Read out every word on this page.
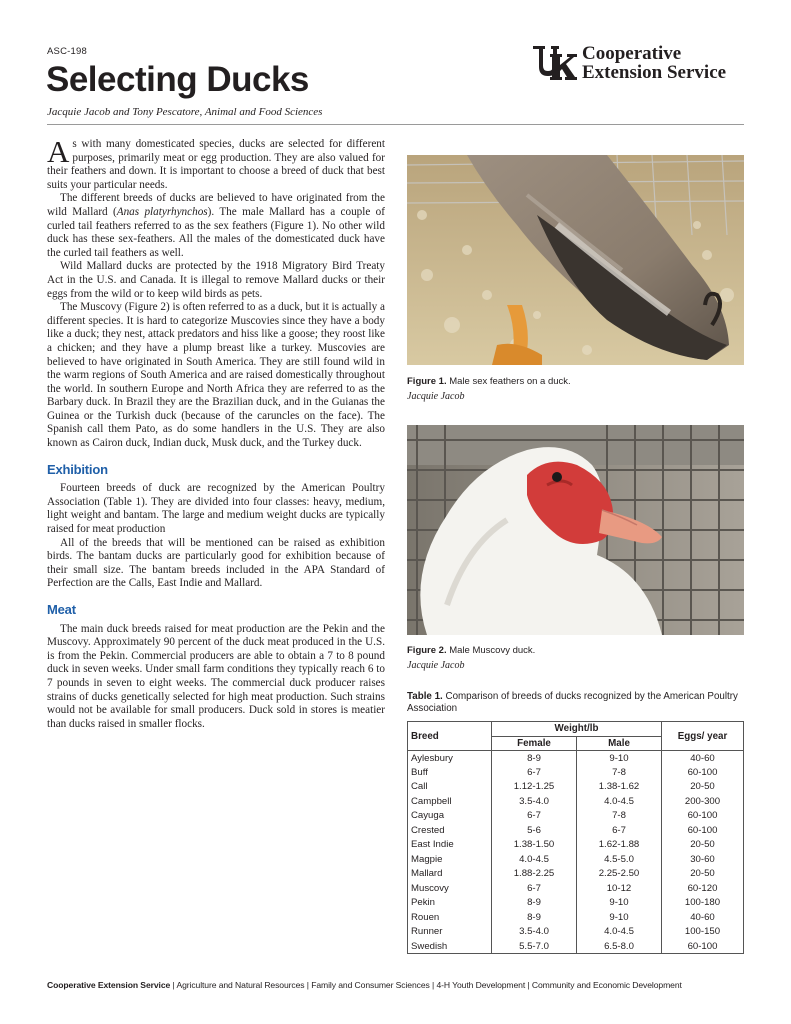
ASC-198
Selecting Ducks
Jacquie Jacob and Tony Pescatore, Animal and Food Sciences
Cooperative
Extension Service

As with many domesticated species, ducks are selected for different purposes, primarily meat or egg production. They are also valued for their feathers and down. It is important to choose a breed of duck that best suits your particular needs.

The different breeds of ducks are believed to have originated from the wild Mallard (Anas platyrhynchos). The male Mallard has a couple of curled tail feathers referred to as the sex feathers (Figure 1). No other wild duck has these sex-feathers. All the males of the domesticated duck have the curled tail feathers as well.

Wild Mallard ducks are protected by the 1918 Migratory Bird Treaty Act in the U.S. and Canada. It is illegal to remove Mallard ducks or their eggs from the wild or to keep wild birds as pets.

The Muscovy (Figure 2) is often referred to as a duck, but it is actually a different species. It is hard to categorize Muscovies since they have a body like a duck; they nest, attack predators and hiss like a goose; they roost like a chicken; and they have a plump breast like a turkey. Muscovies are believed to have originated in South America. They are still found wild in the warm regions of South America and are raised domestically throughout the world. In southern Europe and North Africa they are referred to as the Barbary duck. In Brazil they are the Brazilian duck, and in the Guianas the Guinea or the Turkish duck (because of the caruncles on the face). The Spanish call them Pato, as do some handlers in the U.S. They are also known as Cairon duck, Indian duck, Musk duck, and the Turkey duck.

Exhibition

Fourteen breeds of duck are recognized by the American Poultry Association (Table 1). They are divided into four classes: heavy, medium, light weight and bantam. The large and medium weight ducks are typically raised for meat production

All of the breeds that will be mentioned can be raised as exhibition birds. The bantam ducks are particularly good for exhibition because of their small size. The bantam breeds included in the APA Standard of Perfection are the Calls, East Indie and Mallard.

Meat

The main duck breeds raised for meat production are the Pekin and the Muscovy. Approximately 90 percent of the duck meat produced in the U.S. is from the Pekin. Commercial producers are able to obtain a 7 to 8 pound duck in seven weeks. Under small farm conditions they typically reach 6 to 7 pounds in seven to eight weeks. The commercial duck producer raises strains of ducks genetically selected for high meat production. Such strains would not be available for small producers. Duck sold in stores is meatier than ducks raised in smaller flocks.

Figure 1. Male sex feathers on a duck.
Jacquie Jacob
Figure 2. Male Muscovy duck.
Jacquie Jacob
Table 1. Comparison of breeds of ducks recognized by the American Poultry Association
Breed	Weight/lb		Eggs/ year
	Female	Male	
Aylesbury	8-9	9-10	40-60
Buff	6-7	7-8	60-100
Call	1.12-1.25	1.38-1.62	20-50
Campbell	3.5-4.0	4.0-4.5	200-300
Cayuga	6-7	7-8	60-100
Crested	5-6	6-7	60-100
East Indie	1.38-1.50	1.62-1.88	20-50
Magpie	4.0-4.5	4.5-5.0	30-60
Mallard	1.88-2.25	2.25-2.50	20-50
Muscovy	6-7	10-12	60-120
Pekin	8-9	9-10	100-180
Rouen	8-9	9-10	40-60
Runner	3.5-4.0	4.0-4.5	100-150
Swedish	5.5-7.0	6.5-8.0	60-100
Cooperative Extension Service | Agriculture and Natural Resources | Family and Consumer Sciences | 4-H Youth Development | Community and Economic Development
